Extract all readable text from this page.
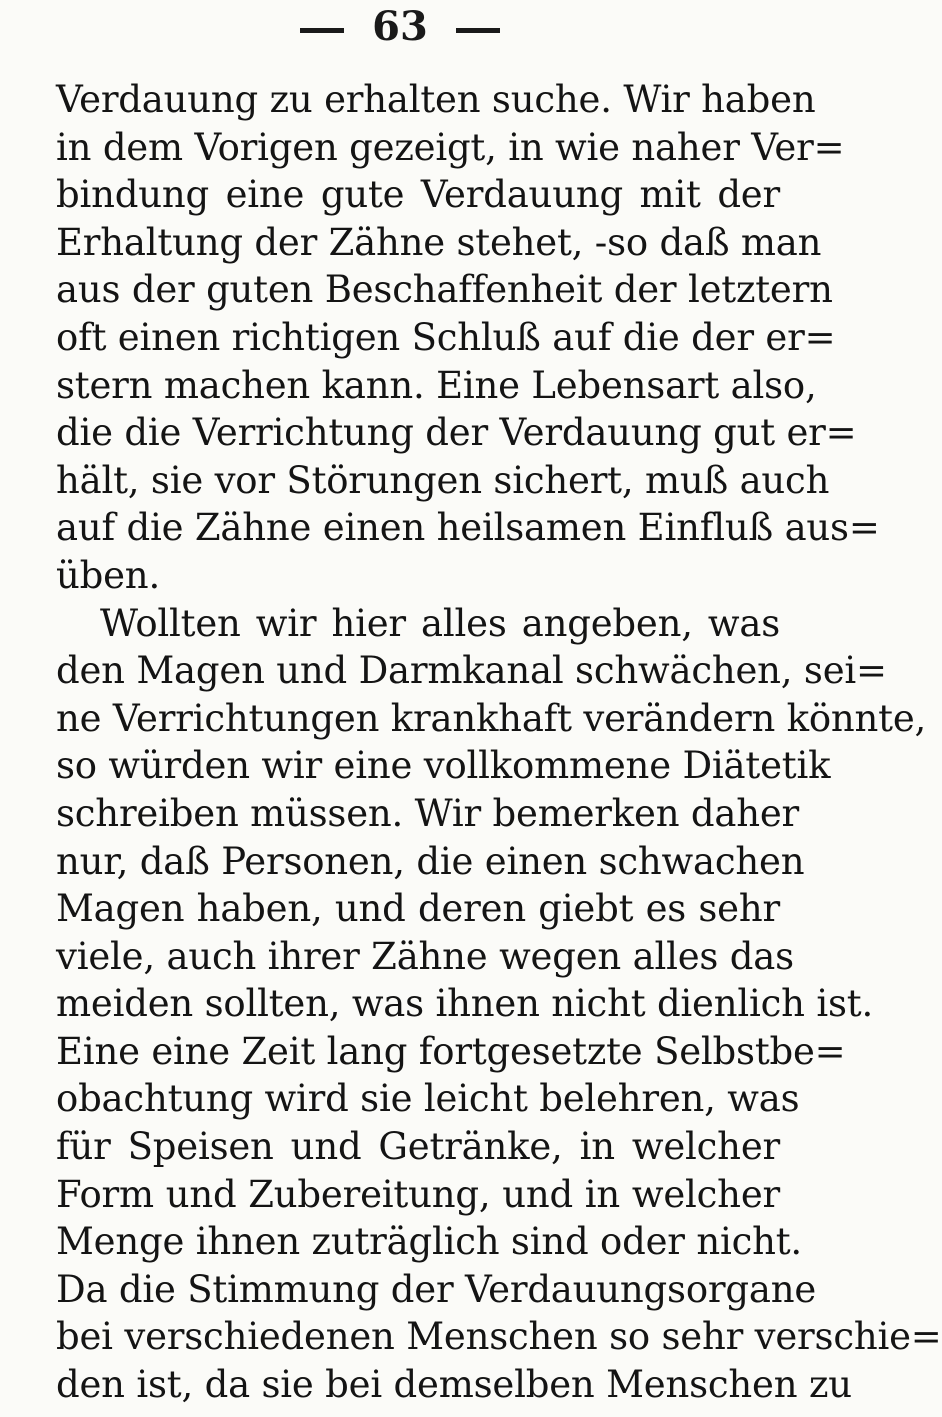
63
Verdauung zu erhalten suche. Wir haben
in dem Vorigen gezeigt, in wie naher Ver=
bindung eine gute Verdauung mit der
Erhaltung der Zähne stehet, -so daß man
aus der guten Beschaffenheit der letztern
oft einen richtigen Schluß auf die der er=
stern machen kann. Eine Lebensart also,
die die Verrichtung der Verdauung gut er=
hält, sie vor Störungen sichert, muß auch
auf die Zähne einen heilsamen Einfluß aus=
üben.
Wollten wir hier alles angeben, was
den Magen und Darmkanal schwächen, sei=
ne Verrichtungen krankhaft verändern könnte,
so würden wir eine vollkommene Diätetik
schreiben müssen. Wir bemerken daher
nur, daß Personen, die einen schwachen
Magen haben, und deren giebt es sehr
viele, auch ihrer Zähne wegen alles das
meiden sollten, was ihnen nicht dienlich ist.
Eine eine Zeit lang fortgesetzte Selbstbe=
obachtung wird sie leicht belehren, was
für Speisen und Getränke, in welcher
Form und Zubereitung, und in welcher
Menge ihnen zuträglich sind oder nicht.
Da die Stimmung der Verdauungsorgane
bei verschiedenen Menschen so sehr verschie=
den ist, da sie bei demselben Menschen zu
